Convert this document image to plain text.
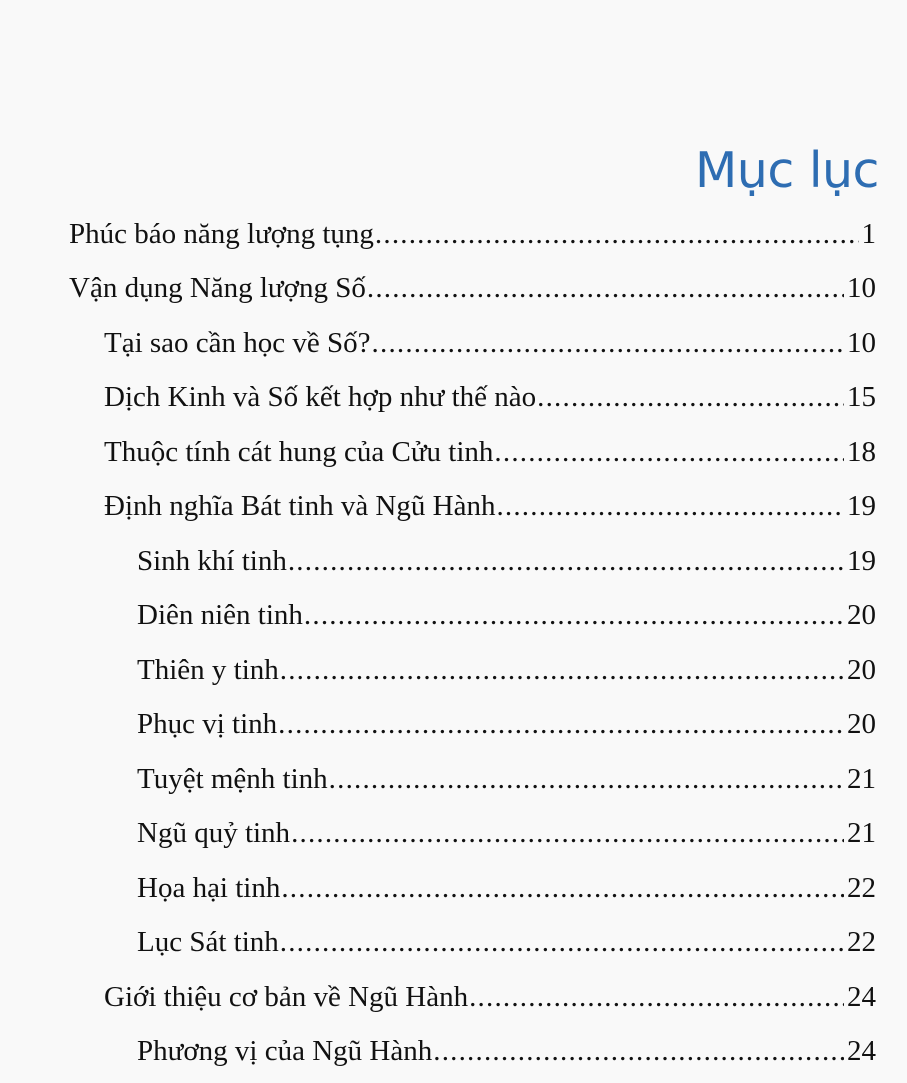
Mục lục
Phúc báo năng lượng tụng .....	1
Vận dụng Năng lượng Số .....	10
Tại sao cần học về Số? .....	10
Dịch Kinh và Số kết hợp như thế nào .....	15
Thuộc tính cát hung của Cửu tinh .....	18
Định nghĩa Bát tinh và Ngũ Hành .....	19
Sinh khí tinh .....	19
Diên niên tinh .....	20
Thiên y tinh .....	20
Phục vị tinh .....	20
Tuyệt mệnh tinh .....	21
Ngũ quỷ tinh .....	21
Họa hại tinh .....	22
Lục Sát tinh .....	22
Giới thiệu cơ bản về Ngũ Hành .....	24
Phương vị của Ngũ Hành .....	24
